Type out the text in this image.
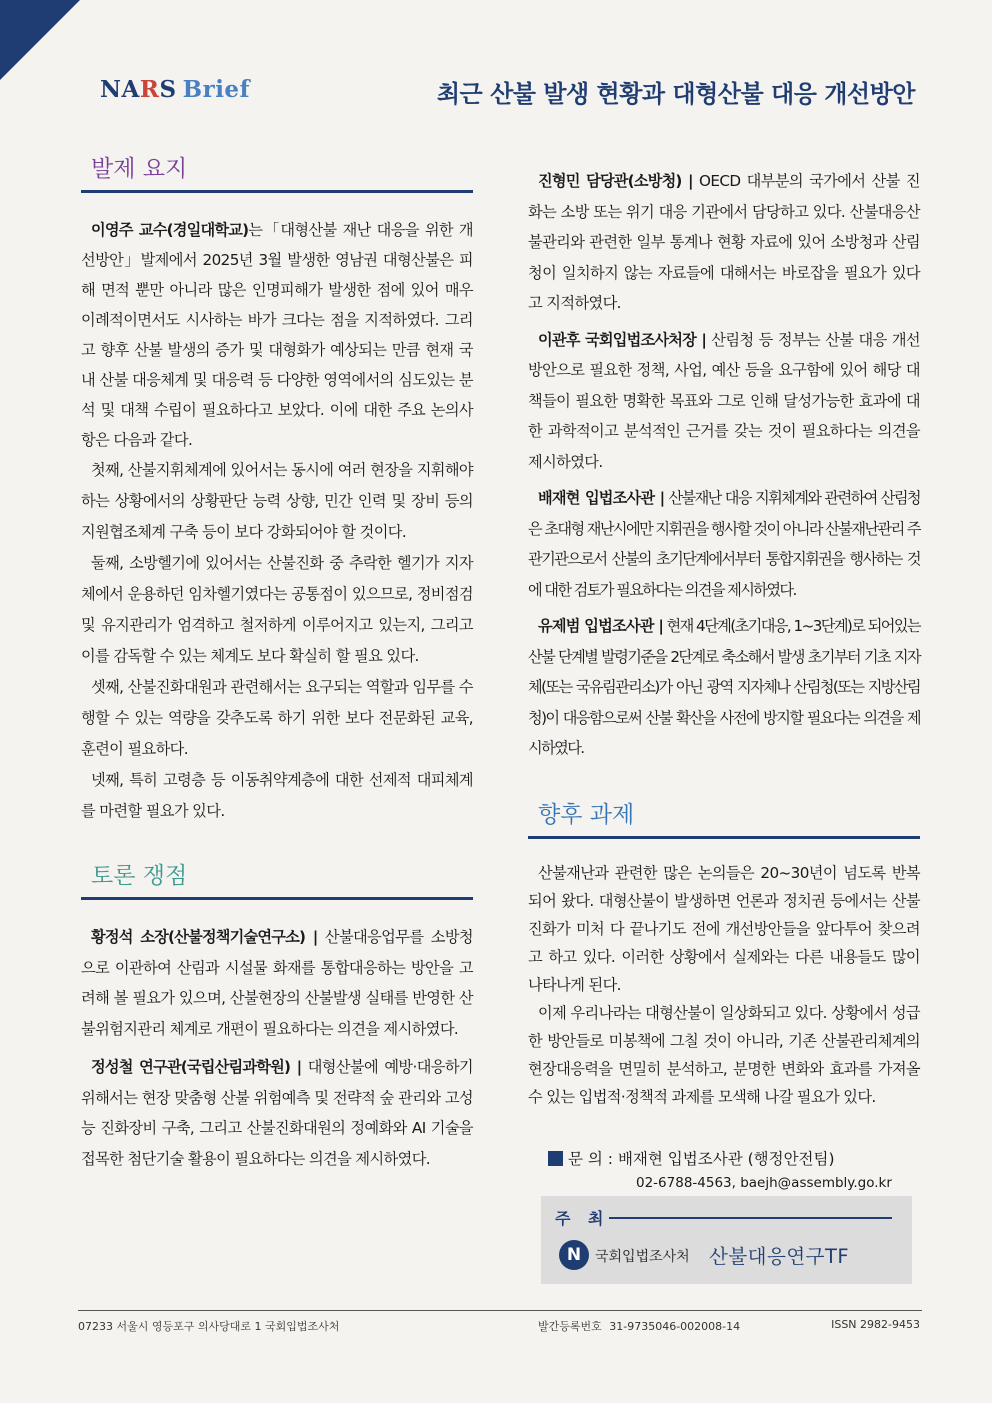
NARS Brief	최근 산불 발생 현황과 대형산불 대응 개선방안
발제 요지

이영주 교수(경일대학교)는「대형산불 재난 대응을 위한 개선방안」발제에서 2025년 3월 발생한 영남권 대형산불은 피해 면적 뿐만 아니라 많은 인명피해가 발생한 점에 있어 매우 이례적이면서도 시사하는 바가 크다는 점을 지적하였다. 그리고 향후 산불 발생의 증가 및 대형화가 예상되는 만큼 현재 국내 산불 대응체계 및 대응력 등 다양한 영역에서의 심도있는 분석 및 대책 수립이 필요하다고 보았다. 이에 대한 주요 논의사항은 다음과 같다.

첫째, 산불지휘체계에 있어서는 동시에 여러 현장을 지휘해야 하는 상황에서의 상황판단 능력 상향, 민간 인력 및 장비 등의 지원협조체계 구축 등이 보다 강화되어야 할 것이다.

둘째, 소방헬기에 있어서는 산불진화 중 추락한 헬기가 지자체에서 운용하던 임차헬기였다는 공통점이 있으므로, 정비점검 및 유지관리가 엄격하고 철저하게 이루어지고 있는지, 그리고 이를 감독할 수 있는 체계도 보다 확실히 할 필요 있다.

셋째, 산불진화대원과 관련해서는 요구되는 역할과 임무를 수행할 수 있는 역량을 갖추도록 하기 위한 보다 전문화된 교육, 훈련이 필요하다.

넷째, 특히 고령층 등 이동취약계층에 대한 선제적 대피체계를 마련할 필요가 있다.

토론 쟁점

황정석 소장(산불정책기술연구소) | 산불대응업무를 소방청으로 이관하여 산림과 시설물 화재를 통합대응하는 방안을 고려해 볼 필요가 있으며, 산불현장의 산불발생 실태를 반영한 산불위험지관리 체계로 개편이 필요하다는 의견을 제시하였다.

정성철 연구관(국립산림과학원) | 대형산불에 예방·대응하기 위해서는 현장 맞춤형 산불 위험예측 및 전략적 숲 관리와 고성능 진화장비 구축, 그리고 산불진화대원의 정예화와 AI 기술을 접목한 첨단기술 활용이 필요하다는 의견을 제시하였다.

진형민 담당관(소방청) | OECD 대부분의 국가에서 산불 진화는 소방 또는 위기 대응 기관에서 담당하고 있다. 산불대응산불관리와 관련한 일부 통계나 현황 자료에 있어 소방청과 산림청이 일치하지 않는 자료들에 대해서는 바로잡을 필요가 있다고 지적하였다.

이관후 국회입법조사처장 | 산림청 등 정부는 산불 대응 개선방안으로 필요한 정책, 사업, 예산 등을 요구함에 있어 해당 대책들이 필요한 명확한 목표와 그로 인해 달성가능한 효과에 대한 과학적이고 분석적인 근거를 갖는 것이 필요하다는 의견을 제시하였다.

배재현 입법조사관 | 산불재난 대응 지휘체계와 관련하여 산림청은 초대형 재난시에만 지휘권을 행사할 것이 아니라 산불재난관리 주관기관으로서 산불의 초기단계에서부터 통합지휘권을 행사하는 것에 대한 검토가 필요하다는 의견을 제시하였다.

유제범 입법조사관 | 현재 4단계(초기대응, 1~3단계)로 되어있는 산불 단계별 발령기준을 2단계로 축소해서 발생 초기부터 기초 지자체(또는 국유림관리소)가 아닌 광역 지자체나 산림청(또는 지방산림청)이 대응함으로써 산불 확산을 사전에 방지할 필요다는 의견을 제시하였다.

향후 과제

산불재난과 관련한 많은 논의들은 20~30년이 넘도록 반복되어 왔다. 대형산불이 발생하면 언론과 정치권 등에서는 산불진화가 미처 다 끝나기도 전에 개선방안들을 앞다투어 찾으려고 하고 있다. 이러한 상황에서 실제와는 다른 내용들도 많이 나타나게 된다.

이제 우리나라는 대형산불이 일상화되고 있다. 상황에서 성급한 방안들로 미봉책에 그칠 것이 아니라, 기존 산불관리체계의 현장대응력을 면밀히 분석하고, 분명한 변화와 효과를 가져올 수 있는 입법적·정책적 과제를 모색해 나갈 필요가 있다.

문 의 : 배재현 입법조사관 (행정안전팀)
02-6788-4563, baejh@assembly.go.kr
주 최
N 국회입법조사처 산불대응연구TF
07233 서울시 영등포구 의사당대로 1 국회입법조사처	발간등록번호 31-9735046-002008-14	ISSN 2982-9453
